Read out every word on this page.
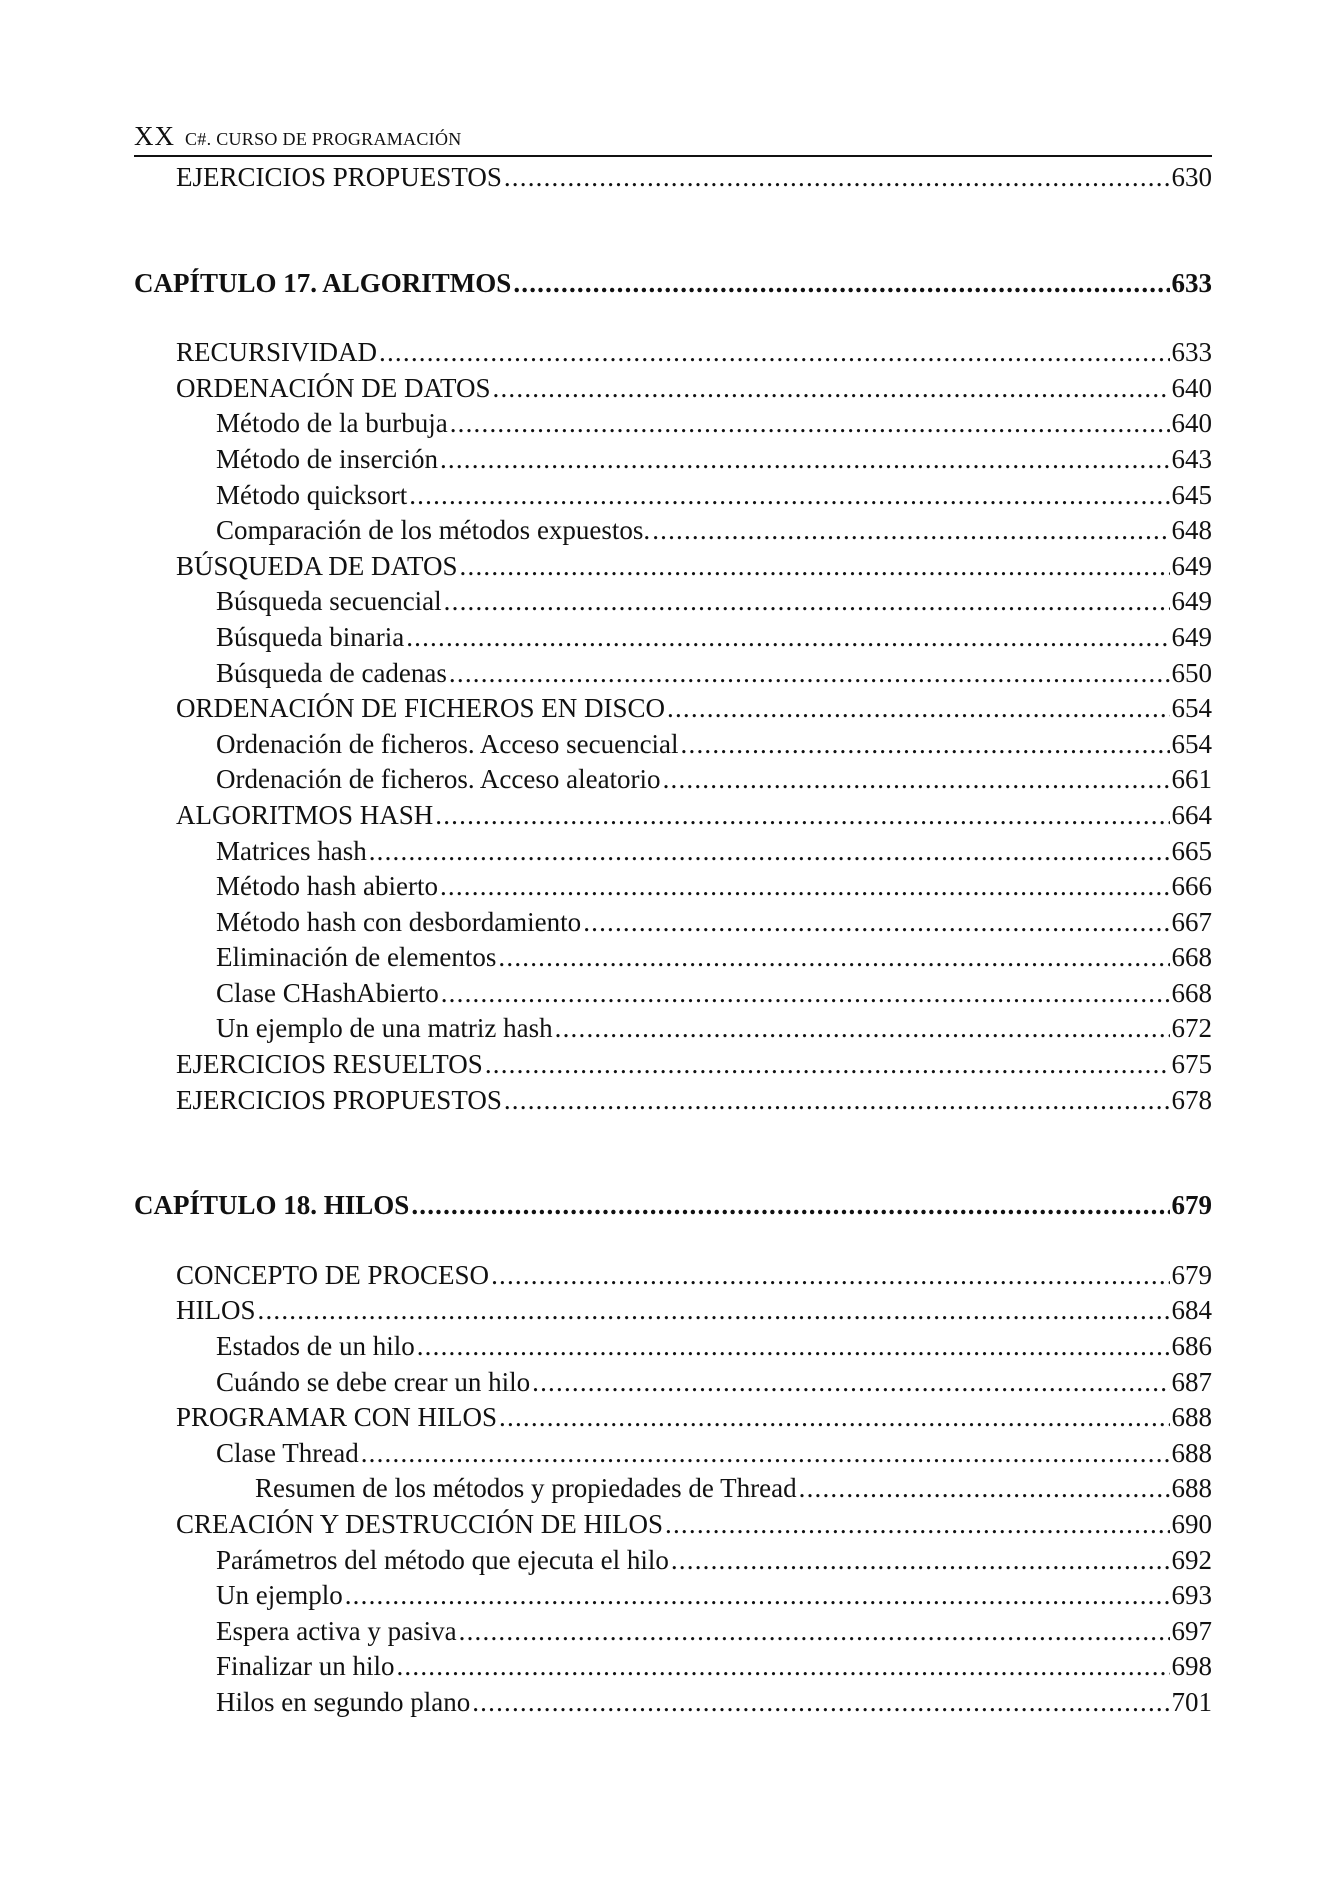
XX C#. CURSO DE PROGRAMACIÓN
EJERCICIOS PROPUESTOS .....	630
CAPÍTULO 17. ALGORITMOS .....	633
RECURSIVIDAD .....	633
ORDENACIÓN DE DATOS .....	640
Método de la burbuja .....	640
Método de inserción .....	643
Método quicksort .....	645
Comparación de los métodos expuestos. .....	648
BÚSQUEDA DE DATOS .....	649
Búsqueda secuencial .....	649
Búsqueda binaria .....	649
Búsqueda de cadenas .....	650
ORDENACIÓN DE FICHEROS EN DISCO .....	654
Ordenación de ficheros. Acceso secuencial .....	654
Ordenación de ficheros. Acceso aleatorio .....	661
ALGORITMOS HASH .....	664
Matrices hash .....	665
Método hash abierto .....	666
Método hash con desbordamiento .....	667
Eliminación de elementos .....	668
Clase CHashAbierto .....	668
Un ejemplo de una matriz hash .....	672
EJERCICIOS RESUELTOS .....	675
EJERCICIOS PROPUESTOS .....	678
CAPÍTULO 18. HILOS .....	679
CONCEPTO DE PROCESO .....	679
HILOS .....	684
Estados de un hilo .....	686
Cuándo se debe crear un hilo .....	687
PROGRAMAR CON HILOS .....	688
Clase Thread .....	688
Resumen de los métodos y propiedades de Thread .....	688
CREACIÓN Y DESTRUCCIÓN DE HILOS .....	690
Parámetros del método que ejecuta el hilo .....	692
Un ejemplo .....	693
Espera activa y pasiva .....	697
Finalizar un hilo .....	698
Hilos en segundo plano .....	701
